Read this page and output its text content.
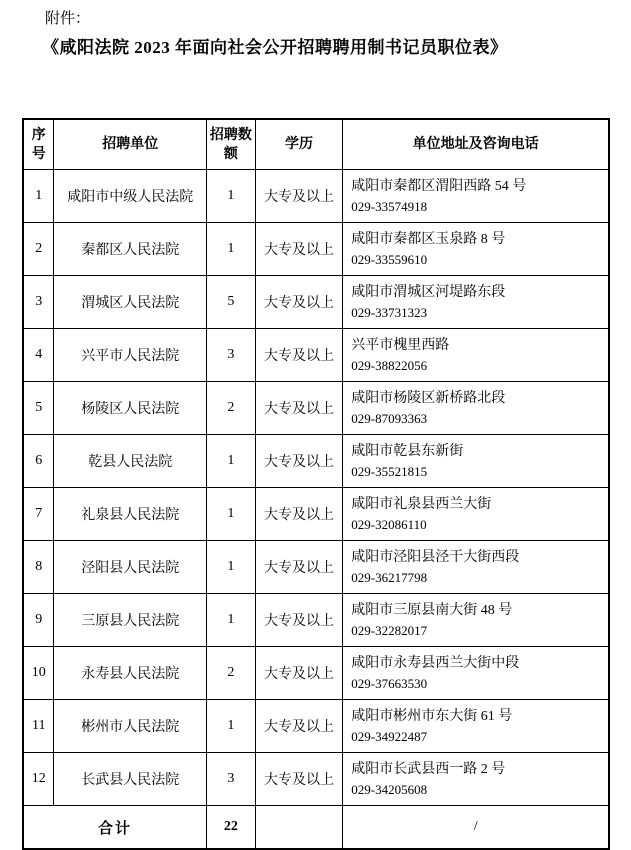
附件：
《咸阳法院 2023 年面向社会公开招聘聘用制书记员职位表》
序号	招聘单位	招聘数额	学历	单位地址及咨询电话
1	咸阳市中级人民法院	1	大专及以上	咸阳市秦都区渭阳西路 54 号
029-33574918

2	秦都区人民法院	1	大专及以上	咸阳市秦都区玉泉路 8 号
029-33559610

3	渭城区人民法院	5	大专及以上	咸阳市渭城区河堤路东段
029-33731323

4	兴平市人民法院	3	大专及以上	兴平市槐里西路
029-38822056

5	杨陵区人民法院	2	大专及以上	咸阳市杨陵区新桥路北段
029-87093363

6	乾县人民法院	1	大专及以上	咸阳市乾县东新街
029-35521815

7	礼泉县人民法院	1	大专及以上	咸阳市礼泉县西兰大街
029-32086110

8	泾阳县人民法院	1	大专及以上	咸阳市泾阳县泾干大街西段
029-36217798

9	三原县人民法院	1	大专及以上	咸阳市三原县南大街 48 号
029-32282017

10	永寿县人民法院	2	大专及以上	咸阳市永寿县西兰大街中段
029-37663530

11	彬州市人民法院	1	大专及以上	咸阳市彬州市东大街 61 号
029-34922487

12	长武县人民法院	3	大专及以上	咸阳市长武县西一路 2 号
029-34205608

合计		22		/
